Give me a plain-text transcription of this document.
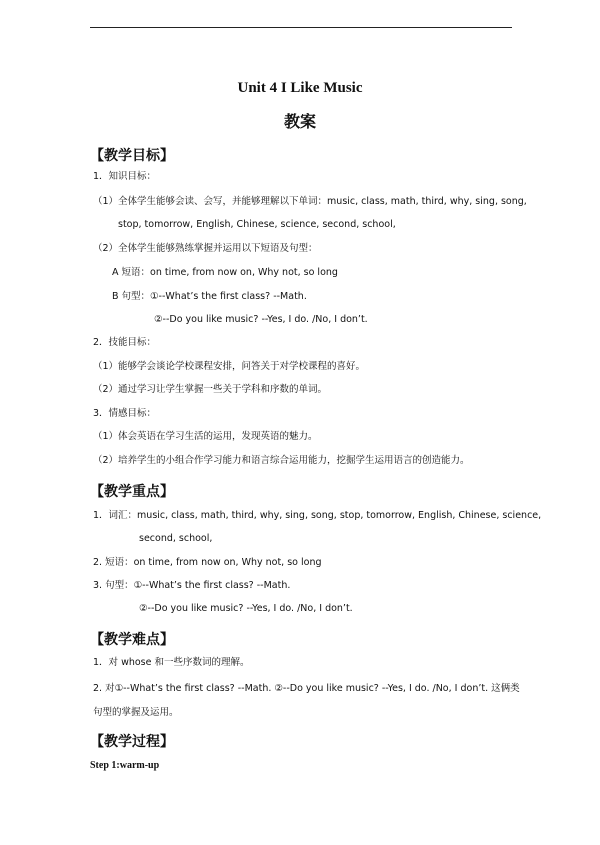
Unit 4 I Like Music
教案
【教学目标】
1．知识目标：
（1）全体学生能够会读、会写，并能够理解以下单词：music, class, math, third, why, sing, song,
stop, tomorrow, English, Chinese, science, second, school,
（2）全体学生能够熟练掌握并运用以下短语及句型：
A 短语：on time, from now on, Why not, so long
B 句型：①--What’s the first class? --Math.
②--Do you like music? --Yes, I do. /No, I don’t.
2．技能目标：
（1）能够学会谈论学校课程安排，问答关于对学校课程的喜好。
（2）通过学习让学生掌握一些关于学科和序数的单词。
3．情感目标：
（1）体会英语在学习生活的运用，发现英语的魅力。
（2）培养学生的小组合作学习能力和语言综合运用能力，挖掘学生运用语言的创造能力。
【教学重点】
1．词汇：music, class, math, third, why, sing, song, stop, tomorrow, English, Chinese, science,
second, school,
2. 短语：on time, from now on, Why not, so long
3. 句型：①--What’s the first class? --Math.
②--Do you like music? --Yes, I do. /No, I don’t.
【教学难点】
1．对 whose 和一些序数词的理解。
2. 对①--What’s the first class? --Math. ②--Do you like music? --Yes, I do. /No, I don’t. 这俩类
句型的掌握及运用。
【教学过程】
Step 1:warm-up
